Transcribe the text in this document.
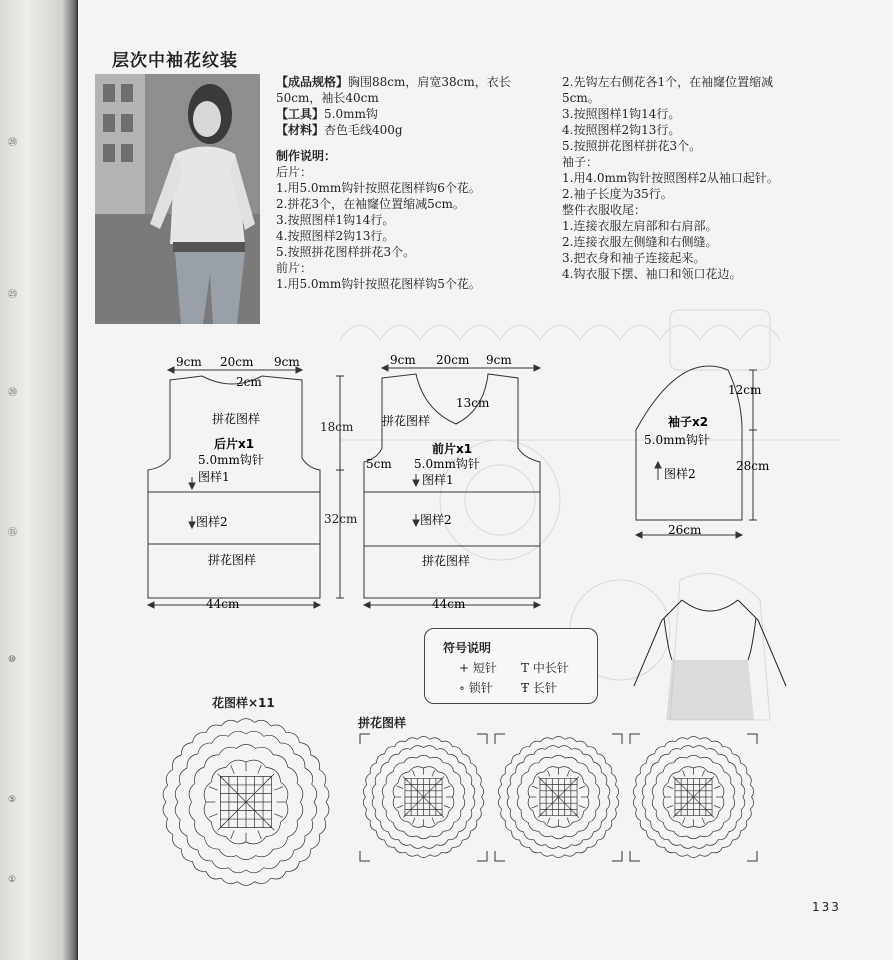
⑳
㉕
⑳
⑮
⑩
⑤
①
层次中袖花纹装
【成品规格】胸围88cm，肩宽38cm，衣长
50cm，袖长40cm
【工具】5.0mm钩
【材料】杏色毛线400g
制作说明：
后片：
1.用5.0mm钩针按照花图样钩6个花。
2.拼花3个，在袖窿位置缩减5cm。
3.按照图样1钩14行。
4.按照图样2钩13行。
5.按照拼花图样拼花3个。
前片：
1.用5.0mm钩针按照花图样钩5个花。
2.先钩左右侧花各1个，在袖窿位置缩减
5cm。
3.按照图样1钩14行。
4.按照图样2钩13行。
5.按照拼花图样拼花3个。
袖子：
1.用4.0mm钩针按照图样2从袖口起针。
2.袖子长度为35行。
整件衣服收尾：
1.连接衣服左肩部和右肩部。
2.连接衣服左侧缝和右侧缝。
3.把衣身和袖子连接起来。
4.钩衣服下摆、袖口和领口花边。
9cm 20cm 9cm
2cm
拼花图样
后片x1
5.0mm钩针
图样1
图样2
拼花图样
44cm
18cm
32cm
9cm 20cm 9cm
13cm
拼花图样
前片x1
5cm 5.0mm钩针
图样1
图样2
拼花图样
44cm
袖子x2
5.0mm钩针
图样2
12cm
28cm
26cm
符号说明
+ 短针 T 中长针
∘ 锁针 Ŧ 长针
花图样×11
拼花图样
133
